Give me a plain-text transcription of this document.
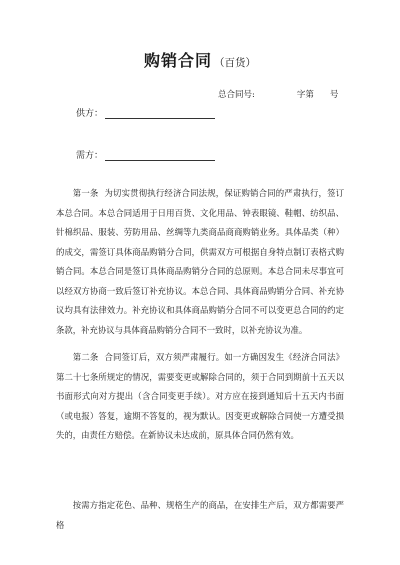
购销合同 （百货）
总合同号:	字第 号
供方：
需方：

第一条 为切实贯彻执行经济合同法规，保证购销合同的严肃执行，签订本总合同。本总合同适用于日用百货、文化用品、钟表眼镜、鞋帽、纺织品、针棉织品、服装、劳防用品、丝绸等九类商品商商购销业务。具体品类（种）的成交，需签订具体商品购销分合同，供需双方可根据自身特点制订表格式购销合同。本总合同是签订具体商品购销分合同的总原则。本总合同未尽事宜可以经双方协商一致后签订补充协议。本总合同、具体商品购销分合同、补充协议均具有法律效力。补充协议和具体商品购销分合同不可以变更总合同的约定条款，补充协议与具体商品购销分合同不一致时，以补充协议为准。

第二条 合同签订后，双方须严肃履行。如一方确因发生《经济合同法》第二十七条所规定的情况，需要变更或解除合同的，须于合同到期前十五天以书面形式向对方提出（含合同变更手续）。对方应在接到通知后十五天内书面（或电报）答复，逾期不答复的，视为默认。因变更或解除合同使一方遭受损失的，由责任方赔偿。在新协议未达成前，原具体合同仍然有效。

按需方指定花色、品种、规格生产的商品，在安排生产后，双方都需要严格
